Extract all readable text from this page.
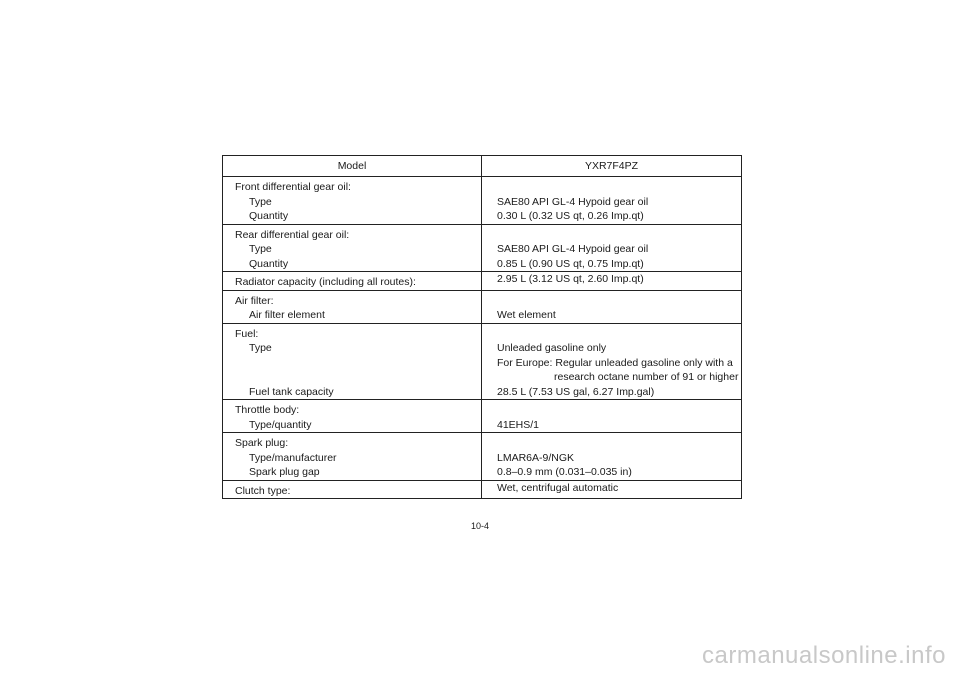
Model	YXR7F4PZ

Front differential gear oil:	

Type	SAE80 API GL-4 Hypoid gear oil

Quantity	0.30 L (0.32 US qt, 0.26 Imp.qt)

Rear differential gear oil:	

Type	SAE80 API GL-4 Hypoid gear oil

Quantity	0.85 L (0.90 US qt, 0.75 Imp.qt)

Radiator capacity (including all routes):	2.95 L (3.12 US qt, 2.60 Imp.qt)

Air filter:	

Air filter element	Wet element

Fuel:	

Type	Unleaded gasoline only
For Europe: Regular unleaded gasoline only with a
research octane number of 91 or higher

Fuel tank capacity	28.5 L (7.53 US gal, 6.27 Imp.gal)

Throttle body:	

Type/quantity	41EHS/1

Spark plug:	

Type/manufacturer	LMAR6A-9/NGK

Spark plug gap	0.8–0.9 mm (0.031–0.035 in)

Clutch type:	Wet, centrifugal automatic
10-4
carmanualsonline.info
